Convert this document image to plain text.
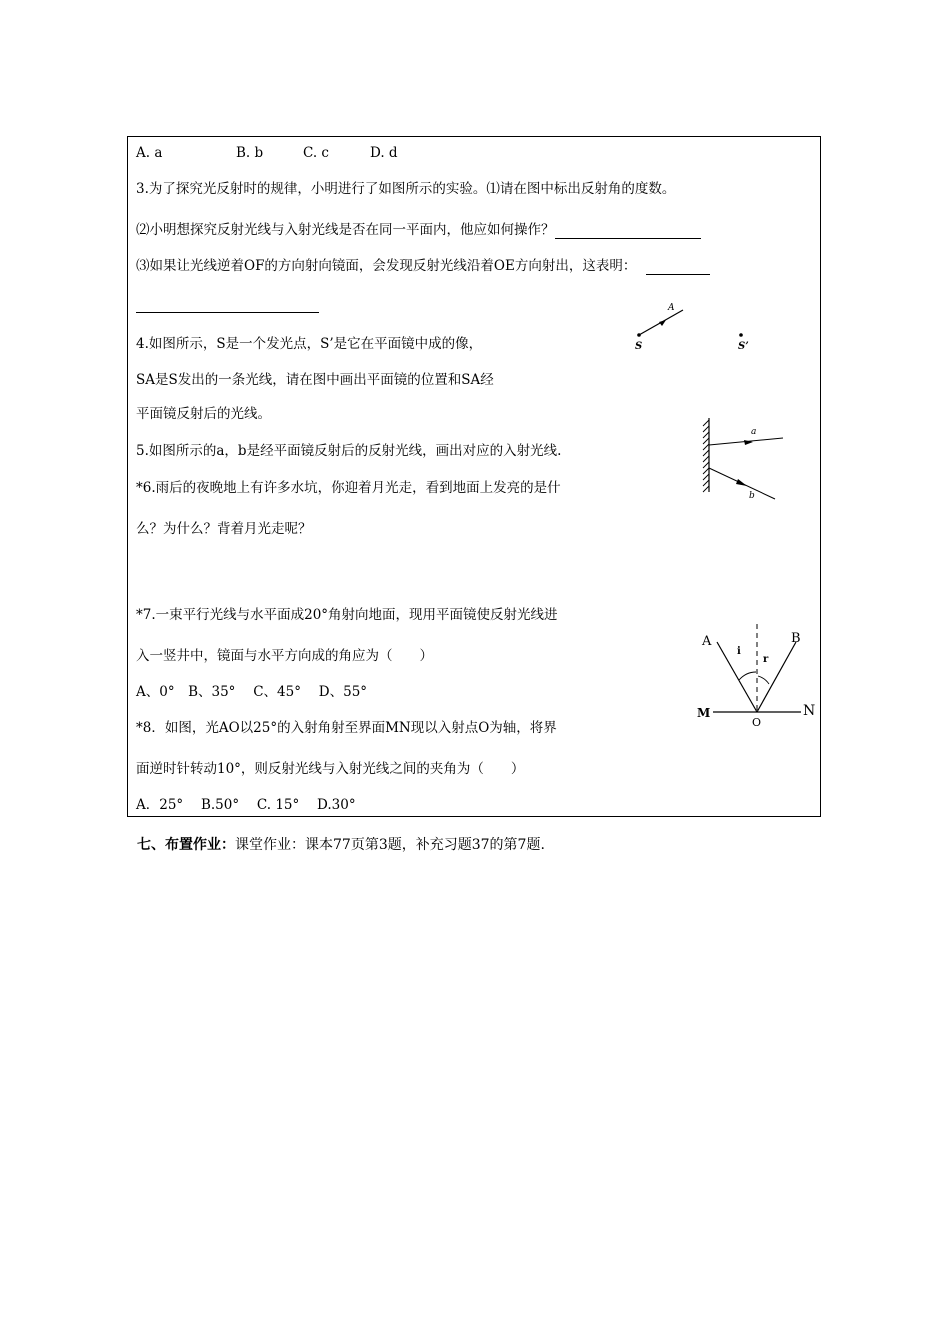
A. a	B. b	C. c	D. d
3.为了探究光反射时的规律，小明进行了如图所示的实验。⑴请在图中标出反射角的度数。
⑵小明想探究反射光线与入射光线是否在同一平面内，他应如何操作？
⑶如果让光线逆着OF的方向射向镜面，会发现反射光线沿着OE方向射出，这表明：
4.如图所示，S是一个发光点，S’是它在平面镜中成的像，
SA是S发出的一条光线，请在图中画出平面镜的位置和SA经
平面镜反射后的光线。
S
A
S’
5.如图所示的a，b是经平面镜反射后的反射光线，画出对应的入射光线.
a
b
*6.雨后的夜晚地上有许多水坑，你迎着月光走，看到地面上发亮的是什
么？为什么？背着月光走呢？
*7.一束平行光线与水平面成20°角射向地面，现用平面镜使反射光线进
入一竖井中，镜面与水平方向成的角应为（　　）
A、0°　B、35°　 C、45°　 D、55°
*8．如图，光AO以25°的入射角射至界面MN现以入射点O为轴，将界
面逆时针转动10°，则反射光线与入射光线之间的夹角为（　　）
A．25°　 B.50°　 C. 15°　 D.30°
A	B
i
r
M	N
O
七、布置作业：课堂作业：课本77页第3题，补充习题37的第7题.
